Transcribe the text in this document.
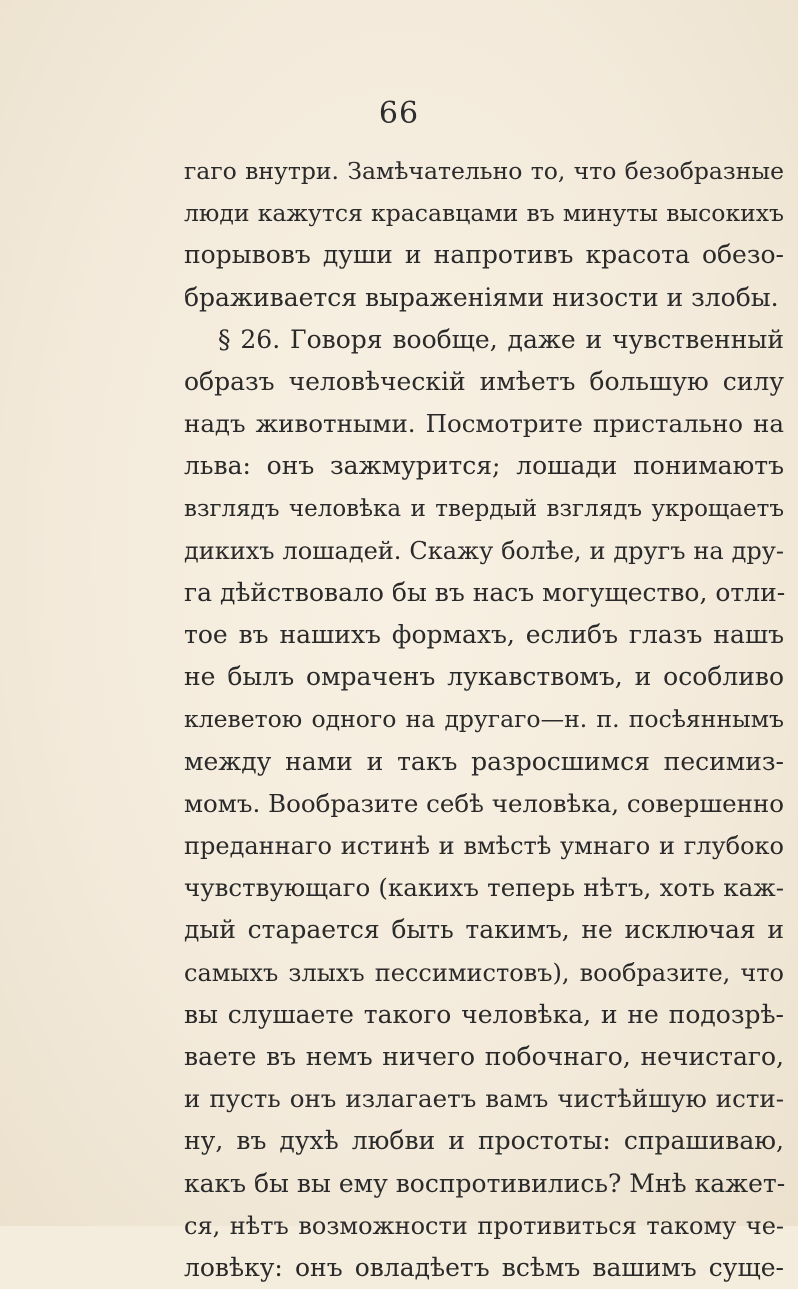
66
гаго внутри. Замѣчательно то, что безобразные
люди кажутся красавцами въ минуты высокихъ
порывовъ души и напротивъ красота обезо-
браживается выраженiями низости и злобы.
§ 26. Говоря вообще, даже и чувственный
образъ человѣческiй имѣетъ большую силу
надъ животными. Посмотрите пристально на
льва: онъ зажмурится; лошади понимаютъ
взглядъ человѣка и твердый взглядъ укрощаетъ
дикихъ лошадей. Скажу болѣе, и другъ на дру-
га дѣйствовало бы въ насъ могущество, отли-
тое въ нашихъ формахъ, еслибъ глазъ нашъ
не былъ омраченъ лукавствомъ, и особливо
клеветою одного на другаго—н. п. посѣяннымъ
между нами и такъ разросшимся песимиз-
момъ. Вообразите себѣ человѣка, совершенно
преданнаго истинѣ и вмѣстѣ умнаго и глубоко
чувствующаго (какихъ теперь нѣтъ, хоть каж-
дый старается быть такимъ, не исключая и
самыхъ злыхъ пессимистовъ), вообразите, что
вы слушаете такого человѣка, и не подозрѣ-
ваете въ немъ ничего побочнаго, нечистаго,
и пусть онъ излагаетъ вамъ чистѣйшую исти-
ну, въ духѣ любви и простоты: спрашиваю,
какъ бы вы ему воспротивились? Мнѣ кажет-
ся, нѣтъ возможности противиться такому че-
ловѣку: онъ овладѣетъ всѣмъ вашимъ суще-
